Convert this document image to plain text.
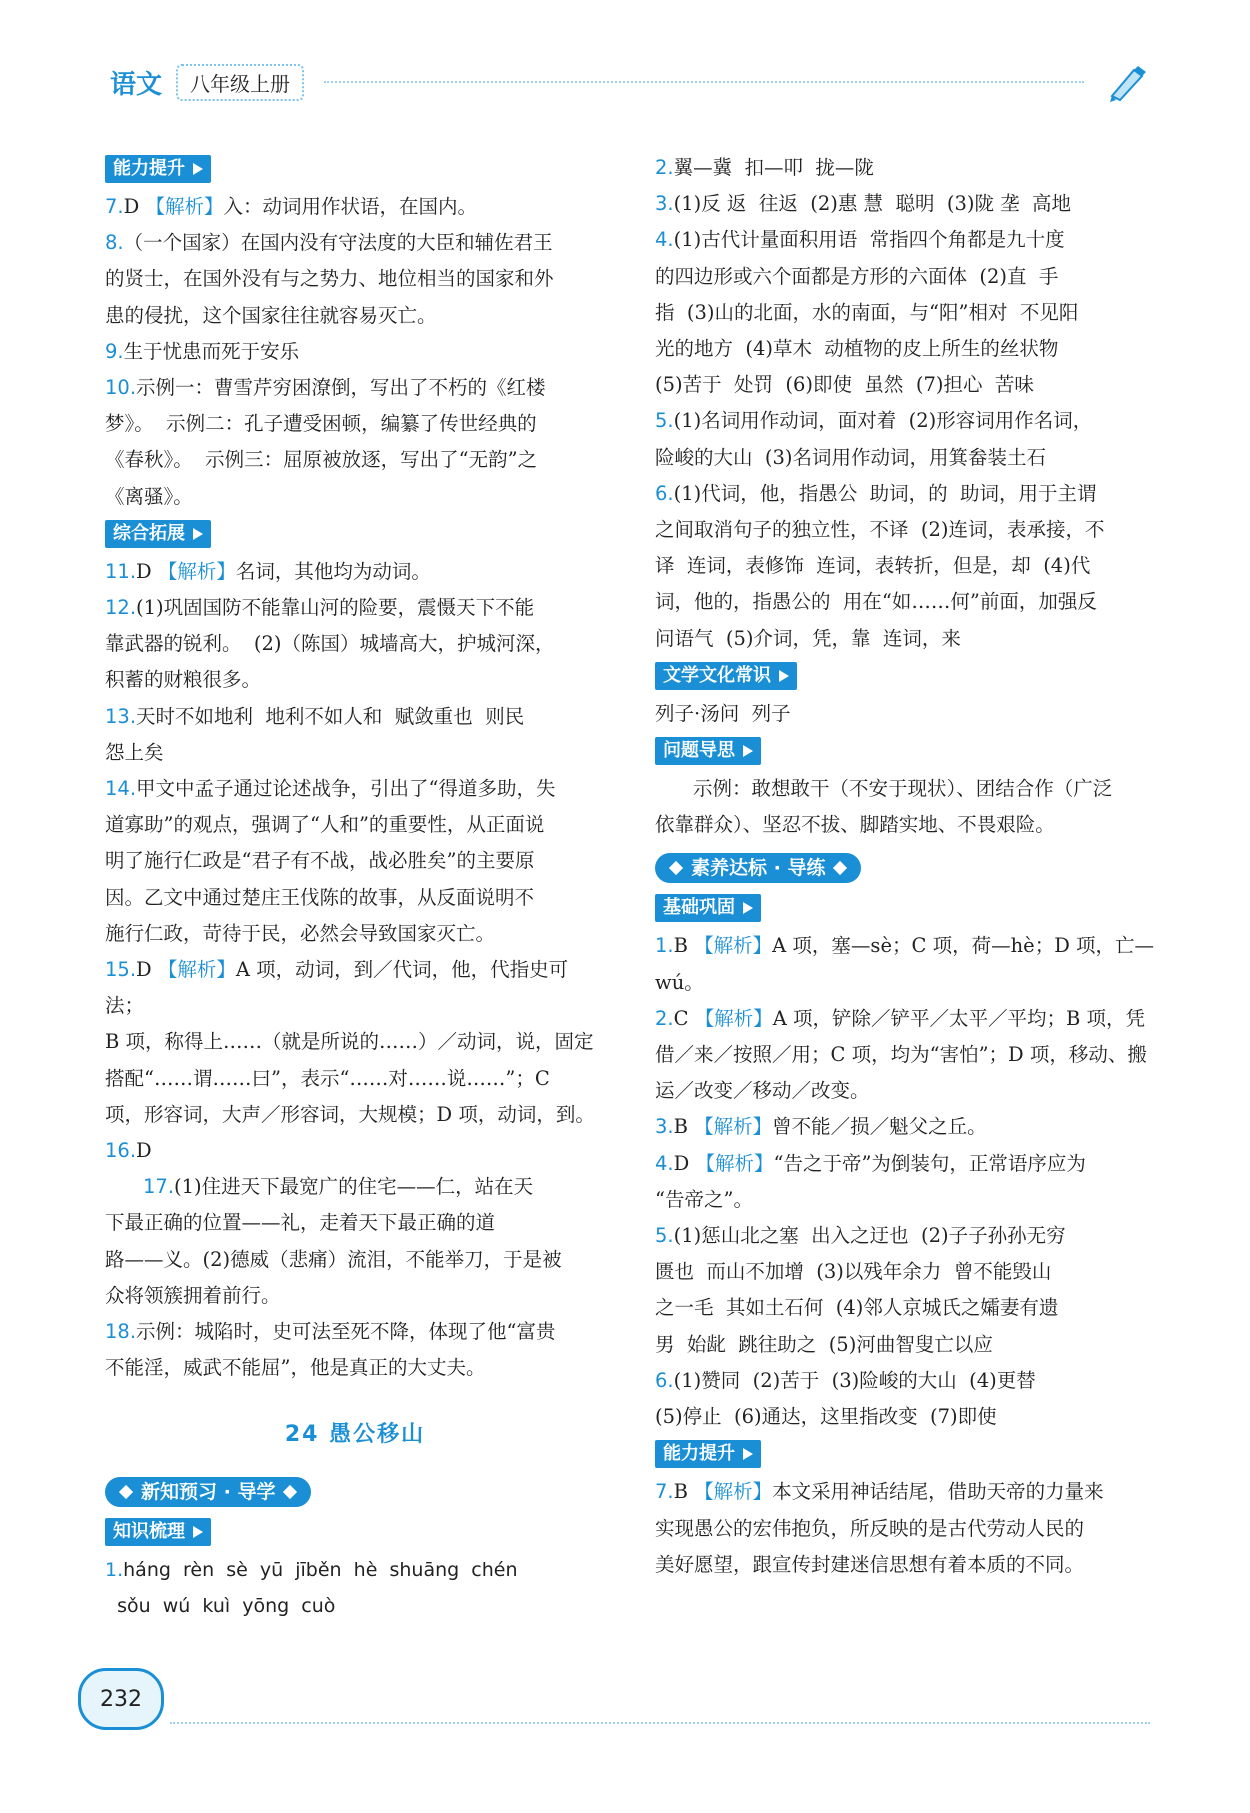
语文	八年级上册
能力提升
7.D 【解析】入：动词用作状语，在国内。
8.（一个国家）在国内没有守法度的大臣和辅佐君王
的贤士，在国外没有与之势力、地位相当的国家和外
患的侵扰，这个国家往往就容易灭亡。
9.生于忧患而死于安乐
10.示例一：曹雪芹穷困潦倒，写出了不朽的《红楼
梦》。  示例二：孔子遭受困顿，编纂了传世经典的
《春秋》。  示例三：屈原被放逐，写出了“无韵”之
《离骚》。
综合拓展
11.D 【解析】名词，其他均为动词。
12.(1)巩固国防不能靠山河的险要，震慑天下不能
靠武器的锐利。  (2)（陈国）城墙高大，护城河深，
积蓄的财粮很多。
13.天时不如地利  地利不如人和  赋敛重也  则民
怨上矣
14.甲文中孟子通过论述战争，引出了“得道多助，失
道寡助”的观点，强调了“人和”的重要性，从正面说
明了施行仁政是“君子有不战，战必胜矣”的主要原
因。乙文中通过楚庄王伐陈的故事，从反面说明不
施行仁政，苛待于民，必然会导致国家灭亡。
15.D 【解析】A 项，动词，到／代词，他，代指史可法；
B 项，称得上……（就是所说的……）／动词，说，固定
搭配“……谓……曰”，表示“……对……说……”；C
项，形容词，大声／形容词，大规模；D 项，动词，到。
16.D
17.(1)住进天下最宽广的住宅——仁，站在天
下最正确的位置——礼，走着天下最正确的道
路——义。(2)德威（悲痛）流泪，不能举刀，于是被
众将领簇拥着前行。
18.示例：城陷时，史可法至死不降，体现了他“富贵
不能淫，威武不能屈”，他是真正的大丈夫。
24 愚公移山
新知预习 · 导学
知识梳理
1.háng  rèn  sè  yū  jīběn  hè  shuāng  chén
sǒu  wú  kuì  yōng  cuò
2.翼—冀  扣—叩  拢—陇
3.(1)反 返  往返  (2)惠 慧  聪明  (3)陇 垄  高地
4.(1)古代计量面积用语  常指四个角都是九十度
的四边形或六个面都是方形的六面体  (2)直  手
指  (3)山的北面，水的南面，与“阳”相对  不见阳
光的地方  (4)草木  动植物的皮上所生的丝状物
(5)苦于  处罚  (6)即使  虽然  (7)担心  苦味
5.(1)名词用作动词，面对着  (2)形容词用作名词，
险峻的大山  (3)名词用作动词，用箕畚装土石
6.(1)代词，他，指愚公  助词，的  助词，用于主谓
之间取消句子的独立性，不译  (2)连词，表承接，不
译  连词，表修饰  连词，表转折，但是，却  (4)代
词，他的，指愚公的  用在“如……何”前面，加强反
问语气  (5)介词，凭，靠  连词，来
文学文化常识
列子·汤问  列子
问题导思
示例：敢想敢干（不安于现状）、团结合作（广泛
依靠群众）、坚忍不拔、脚踏实地、不畏艰险。
素养达标 · 导练
基础巩固
1.B 【解析】A 项，塞—sè；C 项，荷—hè；D 项，亡—
wú。
2.C 【解析】A 项，铲除／铲平／太平／平均；B 项，凭
借／来／按照／用；C 项，均为“害怕”；D 项，移动、搬
运／改变／移动／改变。
3.B 【解析】曾不能／损／魁父之丘。
4.D 【解析】“告之于帝”为倒装句，正常语序应为
“告帝之”。
5.(1)惩山北之塞  出入之迂也  (2)子子孙孙无穷
匮也  而山不加增  (3)以残年余力  曾不能毁山
之一毛  其如土石何  (4)邻人京城氏之孀妻有遗
男  始龀  跳往助之  (5)河曲智叟亡以应
6.(1)赞同  (2)苦于  (3)险峻的大山  (4)更替
(5)停止  (6)通达，这里指改变  (7)即使
能力提升
7.B 【解析】本文采用神话结尾，借助天帝的力量来
实现愚公的宏伟抱负，所反映的是古代劳动人民的
美好愿望，跟宣传封建迷信思想有着本质的不同。
232
